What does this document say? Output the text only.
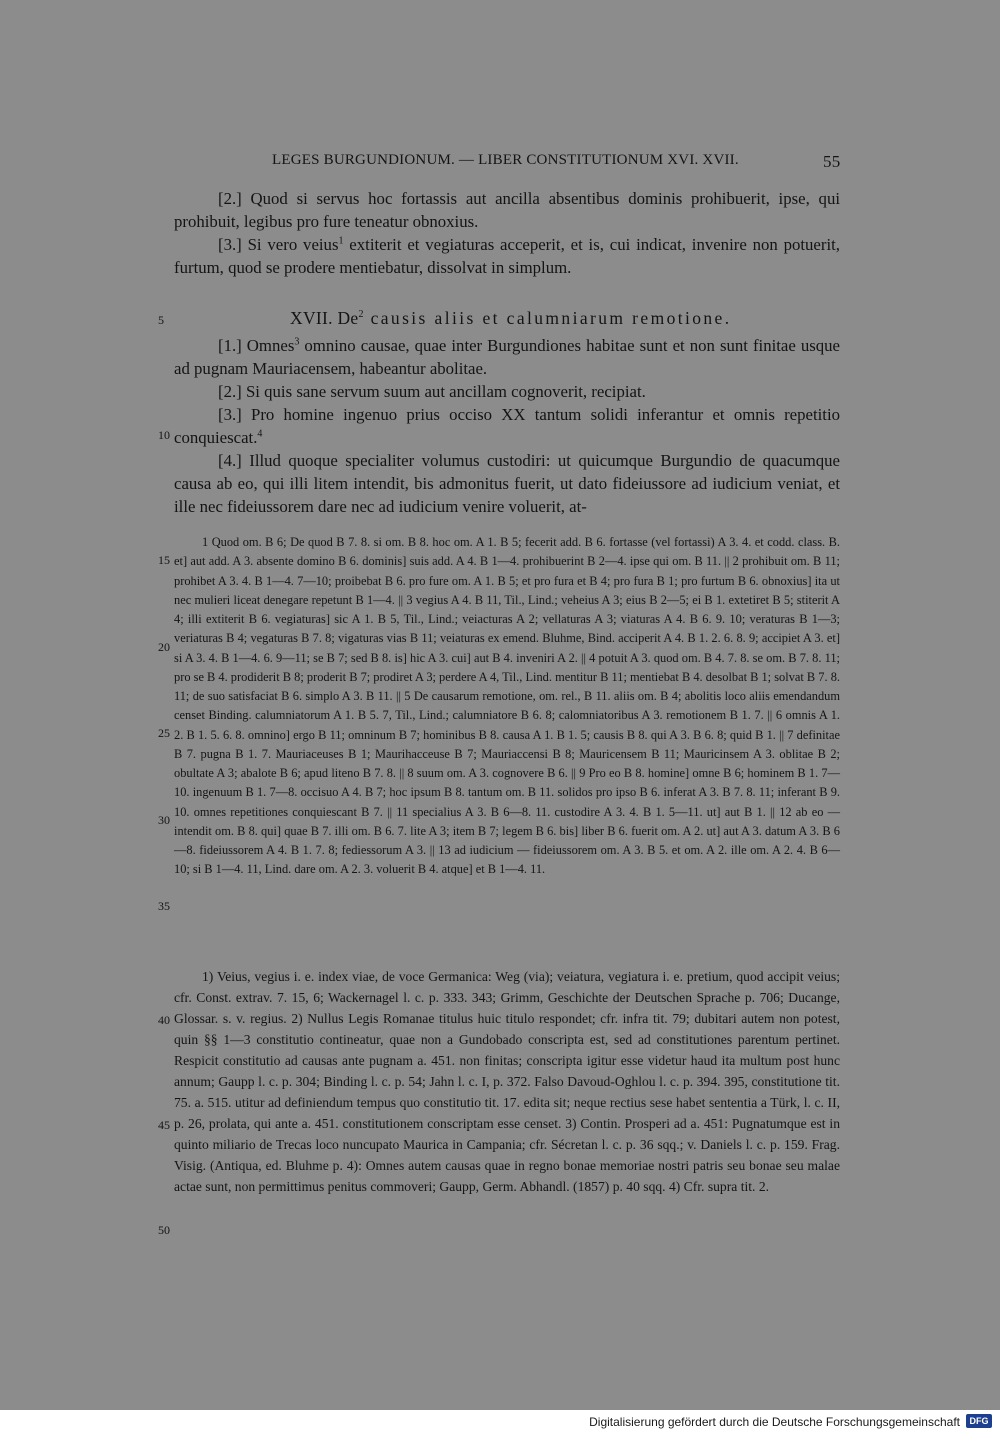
LEGES BURGUNDIONUM. — LIBER CONSTITUTIONUM XVI. XVII.	55

[2.] Quod si servus hoc fortassis aut ancilla absentibus dominis prohibuerit, ipse, qui prohibuit, legibus pro fure teneatur obnoxius.

[3.] Si vero veius$^1$ extiterit et vegiaturas acceperit, et is, cui indicat, invenire non potuerit, furtum, quod se prodere mentiebatur, dissolvat in simplum.

XVII. De$^2$ causis aliis et calumniarum remotione.

[1.] Omnes$^3$ omnino causae, quae inter Burgundiones habitae sunt et non sunt finitae usque ad pugnam Mauriacensem, habeantur abolitae.

[2.] Si quis sane servum suum aut ancillam cognoverit, recipiat.

[3.] Pro homine ingenuo prius occiso XX tantum solidi inferantur et omnis repetitio conquiescat.$^4$

[4.] Illud quoque specialiter volumus custodiri: ut quicumque Burgundio de quacumque causa ab eo, qui illi litem intendit, bis admonitus fuerit, ut dato fideiussore ad iudicium veniat, et ille nec fideiussorem dare nec ad iudicium venire voluerit, at-

5
10
15
20
25
30
35
40
45
50

1 Quod om. B 6; De quod B 7. 8. si om. B 8. hoc om. A 1. B 5; fecerit add. B 6. fortasse (vel fortassi) A 3. 4. et codd. class. B. et] aut add. A 3. absente domino B 6. dominis] suis add. A 4. B 1—4. prohibuerint B 2—4. ipse qui om. B 11. || 2 prohibuit om. B 11; prohibet A 3. 4. B 1—4. 7—10; proibebat B 6. pro fure om. A 1. B 5; et pro fura et B 4; pro fura B 1; pro furtum B 6. obnoxius] ita ut nec mulieri liceat denegare repetunt B 1—4. || 3 vegius A 4. B 11, Til., Lind.; veheius A 3; eius B 2—5; ei B 1. extetiret B 5; stiterit A 4; illi extiterit B 6. vegiaturas] sic A 1. B 5, Til., Lind.; veiacturas A 2; vellaturas A 3; viaturas A 4. B 6. 9. 10; veraturas B 1—3; veriaturas B 4; vegaturas B 7. 8; vigaturas vias B 11; veiaturas ex emend. Bluhme, Bind. acciperit A 4. B 1. 2. 6. 8. 9; accipiet A 3. et] si A 3. 4. B 1—4. 6. 9—11; se B 7; sed B 8. is] hic A 3. cui] aut B 4. inveniri A 2. || 4 potuit A 3. quod om. B 4. 7. 8. se om. B 7. 8. 11; pro se B 4. prodiderit B 8; proderit B 7; prodiret A 3; perdere A 4, Til., Lind. mentitur B 11; mentiebat B 4. desolbat B 1; solvat B 7. 8. 11; de suo satisfaciat B 6. simplo A 3. B 11. || 5 De causarum remotione, om. rel., B 11. aliis om. B 4; abolitis loco aliis emendandum censet Binding. calumniatorum A 1. B 5. 7, Til., Lind.; calumniatore B 6. 8; calomniatoribus A 3. remotionem B 1. 7. || 6 omnis A 1. 2. B 1. 5. 6. 8. omnino] ergo B 11; omninum B 7; hominibus B 8. causa A 1. B 1. 5; causis B 8. qui A 3. B 6. 8; quid B 1. || 7 definitae B 7. pugna B 1. 7. Mauriaceuses B 1; Maurihacceuse B 7; Mauriaccensi B 8; Mauricensem B 11; Mauricinsem A 3. oblitae B 2; obultate A 3; abalote B 6; apud liteno B 7. 8. || 8 suum om. A 3. cognovere B 6. || 9 Pro eo B 8. homine] omne B 6; hominem B 1. 7—10. ingenuum B 1. 7—8. occisuo A 4. B 7; hoc ipsum B 8. tantum om. B 11. solidos pro ipso B 6. inferat A 3. B 7. 8. 11; inferant B 9. 10. omnes repetitiones conquiescant B 7. || 11 specialius A 3. B 6—8. 11. custodire A 3. 4. B 1. 5—11. ut] aut B 1. || 12 ab eo — intendit om. B 8. qui] quae B 7. illi om. B 6. 7. lite A 3; item B 7; legem B 6. bis] liber B 6. fuerit om. A 2. ut] aut A 3. datum A 3. B 6—8. fideiussorem A 4. B 1. 7. 8; fediessorum A 3. || 13 ad iudicium — fideiussorem om. A 3. B 5. et om. A 2. ille om. A 2. 4. B 6—10; si B 1—4. 11, Lind. dare om. A 2. 3. voluerit B 4. atque] et B 1—4. 11.

1) Veius, vegius i. e. index viae, de voce Germanica: Weg (via); veiatura, vegiatura i. e. pretium, quod accipit veius; cfr. Const. extrav. 7. 15, 6; Wackernagel l. c. p. 333. 343; Grimm, Geschichte der Deutschen Sprache p. 706; Ducange, Glossar. s. v. regius. 2) Nullus Legis Romanae titulus huic titulo respondet; cfr. infra tit. 79; dubitari autem non potest, quin §§ 1—3 constitutio contineatur, quae non a Gundobado conscripta est, sed ad constitutiones parentum pertinet. Respicit constitutio ad causas ante pugnam a. 451. non finitas; conscripta igitur esse videtur haud ita multum post hunc annum; Gaupp l. c. p. 304; Binding l. c. p. 54; Jahn l. c. I, p. 372. Falso Davoud-Oghlou l. c. p. 394. 395, constitutione tit. 75. a. 515. utitur ad definiendum tempus quo constitutio tit. 17. edita sit; neque rectius sese habet sententia a Türk, l. c. II, p. 26, prolata, qui ante a. 451. constitutionem conscriptam esse censet. 3) Contin. Prosperi ad a. 451: Pugnatumque est in quinto miliario de Trecas loco nuncupato Maurica in Campania; cfr. Sécretan l. c. p. 36 sqq.; v. Daniels l. c. p. 159. Frag. Visig. (Antiqua, ed. Bluhme p. 4): Omnes autem causas quae in regno bonae memoriae nostri patris seu bonae seu malae actae sunt, non permittimus penitus commoveri; Gaupp, Germ. Abhandl. (1857) p. 40 sqq. 4) Cfr. supra tit. 2.

Digitalisierung gefördert durch die Deutsche Forschungsgemeinschaft	DFG
